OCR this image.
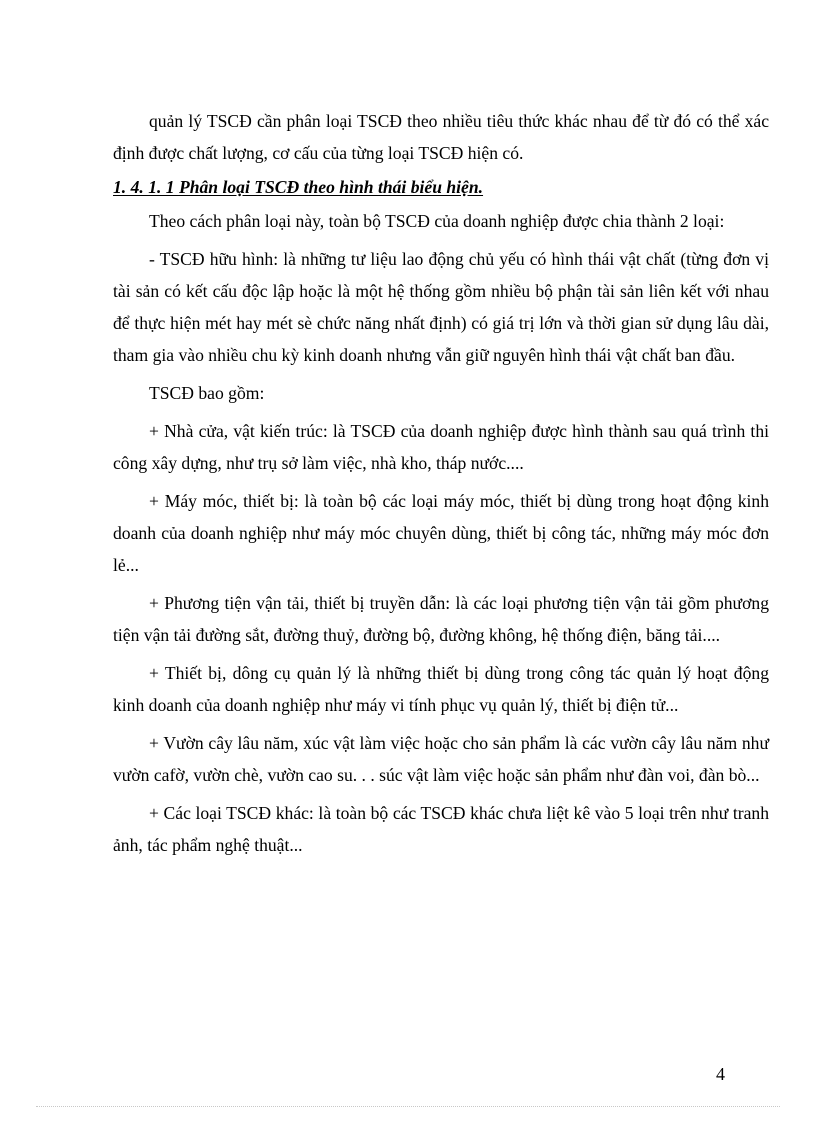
quản lý TSCĐ cần phân loại TSCĐ theo nhiều tiêu thức khác nhau để từ đó có thể xác định được chất lượng, cơ cấu của từng loại TSCĐ hiện có.

1. 4. 1. 1 Phân loại TSCĐ theo hình thái biểu hiện.

Theo cách phân loại này, toàn bộ TSCĐ của doanh nghiệp được chia thành 2 loại:

- TSCĐ hữu hình: là những tư liệu lao động chủ yếu có hình thái vật chất (từng đơn vị tài sản có kết cấu độc lập hoặc là một hệ thống gồm nhiều bộ phận tài sản liên kết với nhau để thực hiện mét hay mét sè chức năng nhất định) có giá trị lớn và thời gian sử dụng lâu dài, tham gia vào nhiều chu kỳ kinh doanh nhưng vẫn giữ nguyên hình thái vật chất ban đầu.

TSCĐ bao gồm:

+ Nhà cửa, vật kiến trúc: là TSCĐ của doanh nghiệp được hình thành sau quá trình thi công xây dựng, như trụ sở làm việc, nhà kho, tháp nước....

+ Máy móc, thiết bị: là toàn bộ các loại máy móc, thiết bị dùng trong hoạt động kinh doanh của doanh nghiệp như máy móc chuyên dùng, thiết bị công tác, những máy móc đơn lẻ...

+ Phương tiện vận tải, thiết bị truyền dẫn: là các loại phương tiện vận tải gồm phương tiện vận tải đường sắt, đường thuỷ, đường bộ, đường không, hệ thống điện, băng tải....

+ Thiết bị, dông cụ quản lý là những thiết bị dùng trong công tác quản lý hoạt động kinh doanh của doanh nghiệp như máy vi tính phục vụ quản lý, thiết bị điện tử...

+ Vườn cây lâu năm, xúc vật làm việc hoặc cho sản phẩm là các vườn cây lâu năm như vườn cafờ, vườn chè, vườn cao su. . . súc vật làm việc hoặc sản phẩm như đàn voi, đàn bò...

+ Các loại TSCĐ khác: là toàn bộ các TSCĐ khác chưa liệt kê vào 5 loại trên như tranh ảnh, tác phẩm nghệ thuật...

4
